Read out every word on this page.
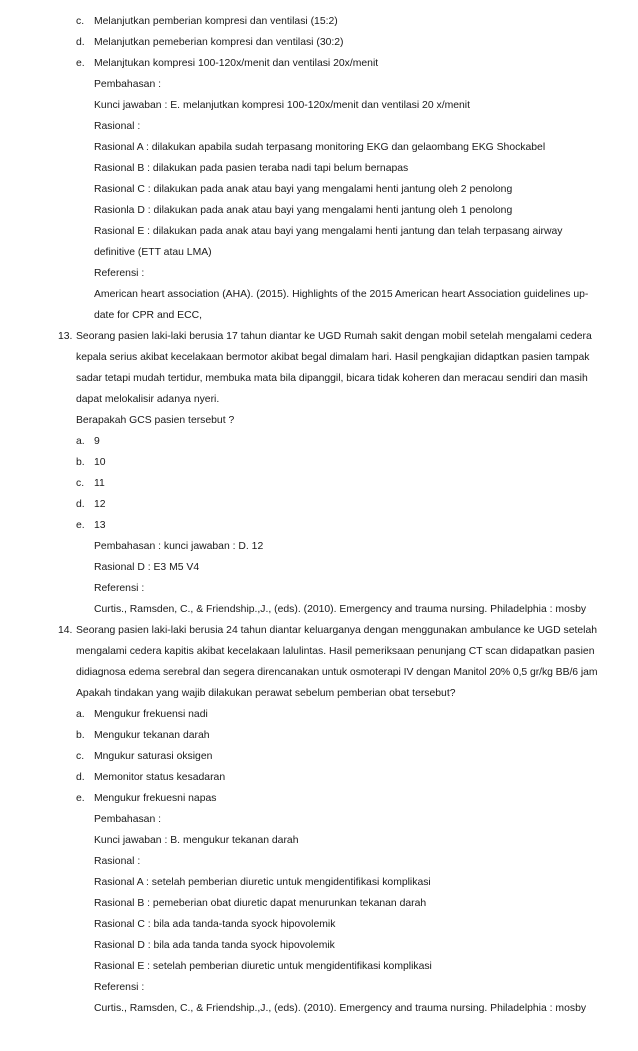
c. Melanjutkan pemberian kompresi dan ventilasi (15:2)
d. Melanjutkan pemeberian kompresi dan ventilasi (30:2)
e. Melanjtukan kompresi 100-120x/menit dan ventilasi 20x/menit
Pembahasan :
Kunci jawaban : E. melanjutkan kompresi 100-120x/menit dan ventilasi 20 x/menit
Rasional :
Rasional A : dilakukan apabila sudah terpasang monitoring EKG dan gelaombang EKG Shockabel
Rasional B : dilakukan pada pasien teraba nadi tapi belum bernapas
Rasional C : dilakukan pada anak atau bayi yang mengalami henti jantung oleh 2 penolong
Rasionla D : dilakukan pada anak atau bayi yang mengalami henti jantung oleh 1 penolong
Rasional E : dilakukan pada anak atau bayi yang mengalami henti jantung dan telah terpasang airway
definitive (ETT atau LMA)
Referensi :
American heart association (AHA). (2015). Highlights of the 2015 American heart Association guidelines up-
date for CPR and ECC,
13. Seorang pasien laki-laki berusia 17 tahun diantar ke UGD Rumah sakit dengan mobil setelah mengalami cedera
kepala serius akibat kecelakaan bermotor akibat begal dimalam hari. Hasil pengkajian didaptkan pasien tampak
sadar tetapi mudah tertidur, membuka mata bila dipanggil, bicara tidak koheren dan meracau sendiri dan masih
dapat melokalisir adanya nyeri.
Berapakah GCS pasien tersebut ?
a. 9
b. 10
c. 11
d. 12
e. 13
Pembahasan : kunci jawaban : D. 12
Rasional D : E3 M5 V4
Referensi :
Curtis., Ramsden, C., & Friendship.,J., (eds). (2010). Emergency and trauma nursing. Philadelphia : mosby
14. Seorang pasien laki-laki berusia 24 tahun diantar keluarganya dengan menggunakan ambulance ke UGD setelah
mengalami cedera kapitis akibat kecelakaan lalulintas. Hasil pemeriksaan penunjang CT scan didapatkan pasien
didiagnosa edema serebral dan segera direncanakan untuk osmoterapi IV dengan Manitol 20% 0,5 gr/kg BB/6 jam
Apakah tindakan yang wajib dilakukan perawat sebelum pemberian obat tersebut?
a. Mengukur frekuensi nadi
b. Mengukur tekanan darah
c. Mngukur saturasi oksigen
d. Memonitor status kesadaran
e. Mengukur frekuesni napas
Pembahasan :
Kunci jawaban : B. mengukur tekanan darah
Rasional :
Rasional A : setelah pemberian diuretic untuk mengidentifikasi komplikasi
Rasional B : pemeberian obat diuretic dapat menurunkan tekanan darah
Rasional C : bila ada tanda-tanda syock hipovolemik
Rasional D : bila ada tanda tanda syock hipovolemik
Rasional E : setelah pemberian diuretic untuk mengidentifikasi komplikasi
Referensi :
Curtis., Ramsden, C., & Friendship.,J., (eds). (2010). Emergency and trauma nursing. Philadelphia : mosby
